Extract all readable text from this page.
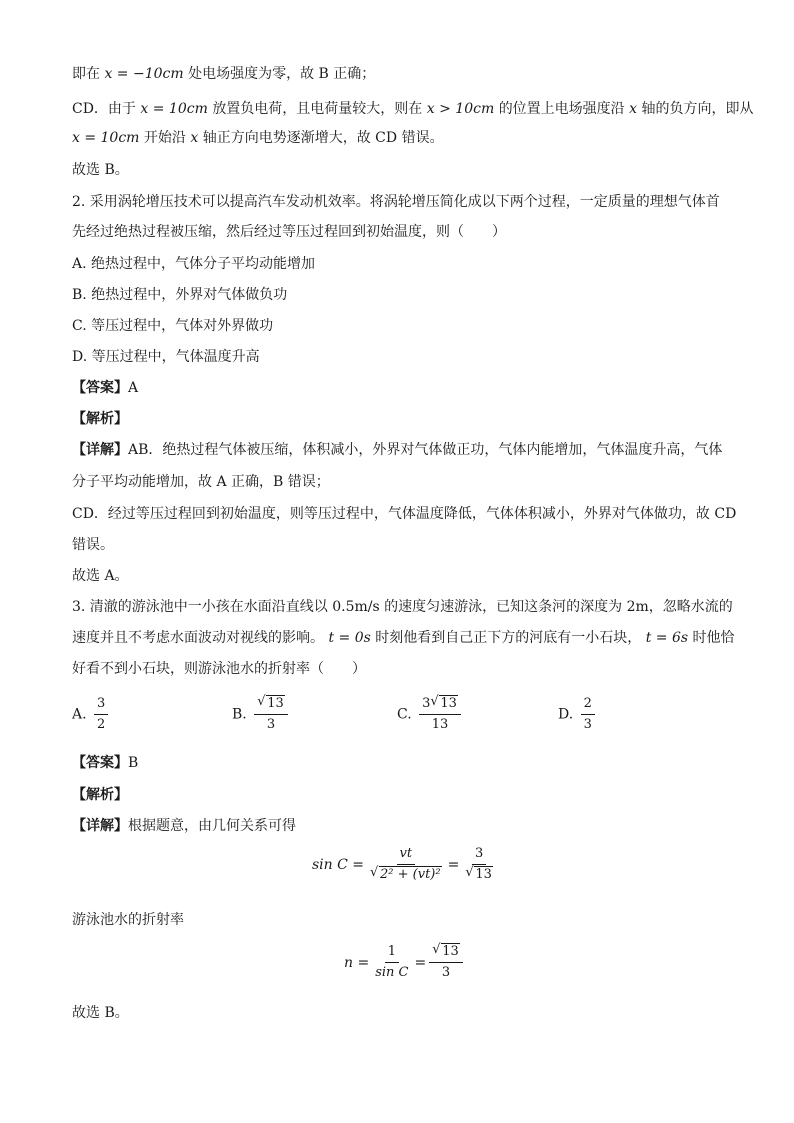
即在 x = −10cm 处电场强度为零，故 B 正确；
CD．由于 x = 10cm 放置负电荷，且电荷量较大，则在 x > 10cm 的位置上电场强度沿 x 轴的负方向，即从
x = 10cm 开始沿 x 轴正方向电势逐渐增大，故 CD 错误。
故选 B。
2. 采用涡轮增压技术可以提高汽车发动机效率。将涡轮增压简化成以下两个过程，一定质量的理想气体首
先经过绝热过程被压缩，然后经过等压过程回到初始温度，则（　　）
A. 绝热过程中，气体分子平均动能增加
B. 绝热过程中，外界对气体做负功
C. 等压过程中，气体对外界做功
D. 等压过程中，气体温度升高
【答案】A
【解析】
【详解】AB．绝热过程气体被压缩，体积减小，外界对气体做正功，气体内能增加，气体温度升高，气体
分子平均动能增加，故 A 正确，B 错误；
CD．经过等压过程回到初始温度，则等压过程中，气体温度降低，气体体积减小，外界对气体做功，故 CD
错误。
故选 A。
3. 清澈的游泳池中一小孩在水面沿直线以 0.5m/s 的速度匀速游泳，已知这条河的深度为 2m，忽略水流的
速度并且不考虑水面波动对视线的影响。 t = 0s 时刻他看到自己正下方的河底有一小石块， t = 6s 时他恰
好看不到小石块，则游泳池水的折射率（　　）
A. $\frac{3}{2}$	B. $\frac{√ 13}{3}$	C. $\frac{3 √ 13}{13}$	D. $\frac{2}{3}$
【答案】B
【解析】
【详解】根据题意，由几何关系可得
$\sin C = \frac{vt}{\text{√ 2² + (vt)²}} = \frac{3}{√ 13}$
游泳池水的折射率
$n = \frac{1}{\text{sin C}} = \frac{√ 13}{3}$
故选 B。
